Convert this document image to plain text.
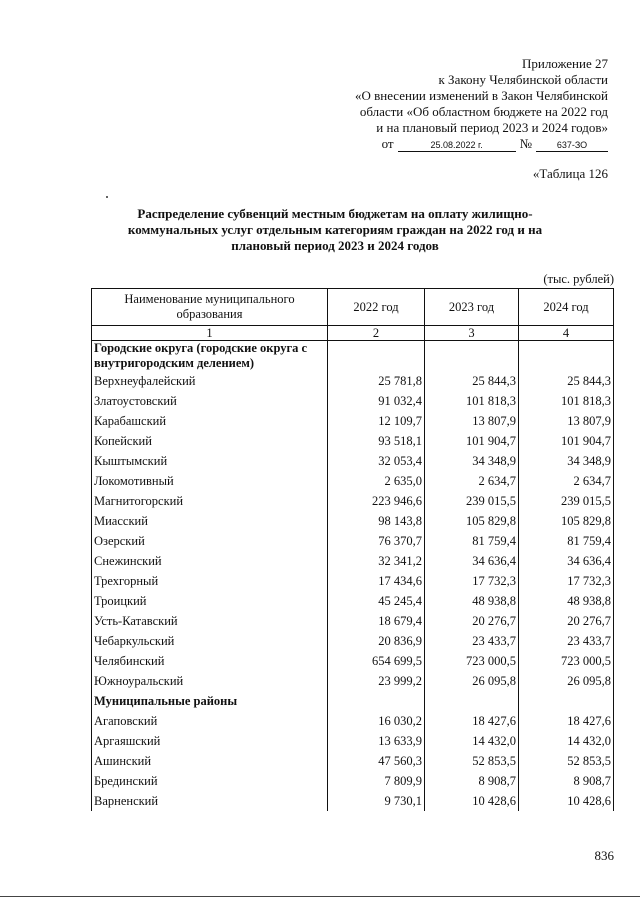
Приложение 27
к Закону Челябинской области
«О внесении изменений в Закон Челябинской
области «Об областном бюджете на 2022 год
и на плановый период 2023 и 2024 годов»
от	25.08.2022 г.	№	637-ЗО
«Таблица 126
Распределение субвенций местным бюджетам на оплату жилищно-коммунальных услуг отдельным категориям граждан на 2022 год и на плановый период 2023 и 2024 годов
(тыс. рублей)
Наименование муниципального образования	2022 год	2023 год	2024 год
1	2	3	4
Городские округа (городские округа с внутригородским делением)			
Верхнеуфалейский	25 781,8	25 844,3	25 844,3
Златоустовский	91 032,4	101 818,3	101 818,3
Карабашский	12 109,7	13 807,9	13 807,9
Копейский	93 518,1	101 904,7	101 904,7
Кыштымский	32 053,4	34 348,9	34 348,9
Локомотивный	2 635,0	2 634,7	2 634,7
Магнитогорский	223 946,6	239 015,5	239 015,5
Миасский	98 143,8	105 829,8	105 829,8
Озерский	76 370,7	81 759,4	81 759,4
Снежинский	32 341,2	34 636,4	34 636,4
Трехгорный	17 434,6	17 732,3	17 732,3
Троицкий	45 245,4	48 938,8	48 938,8
Усть-Катавский	18 679,4	20 276,7	20 276,7
Чебаркульский	20 836,9	23 433,7	23 433,7
Челябинский	654 699,5	723 000,5	723 000,5
Южноуральский	23 999,2	26 095,8	26 095,8
Муниципальные районы			
Агаповский	16 030,2	18 427,6	18 427,6
Аргаяшский	13 633,9	14 432,0	14 432,0
Ашинский	47 560,3	52 853,5	52 853,5
Брединский	7 809,9	8 908,7	8 908,7
Варненский	9 730,1	10 428,6	10 428,6
836
